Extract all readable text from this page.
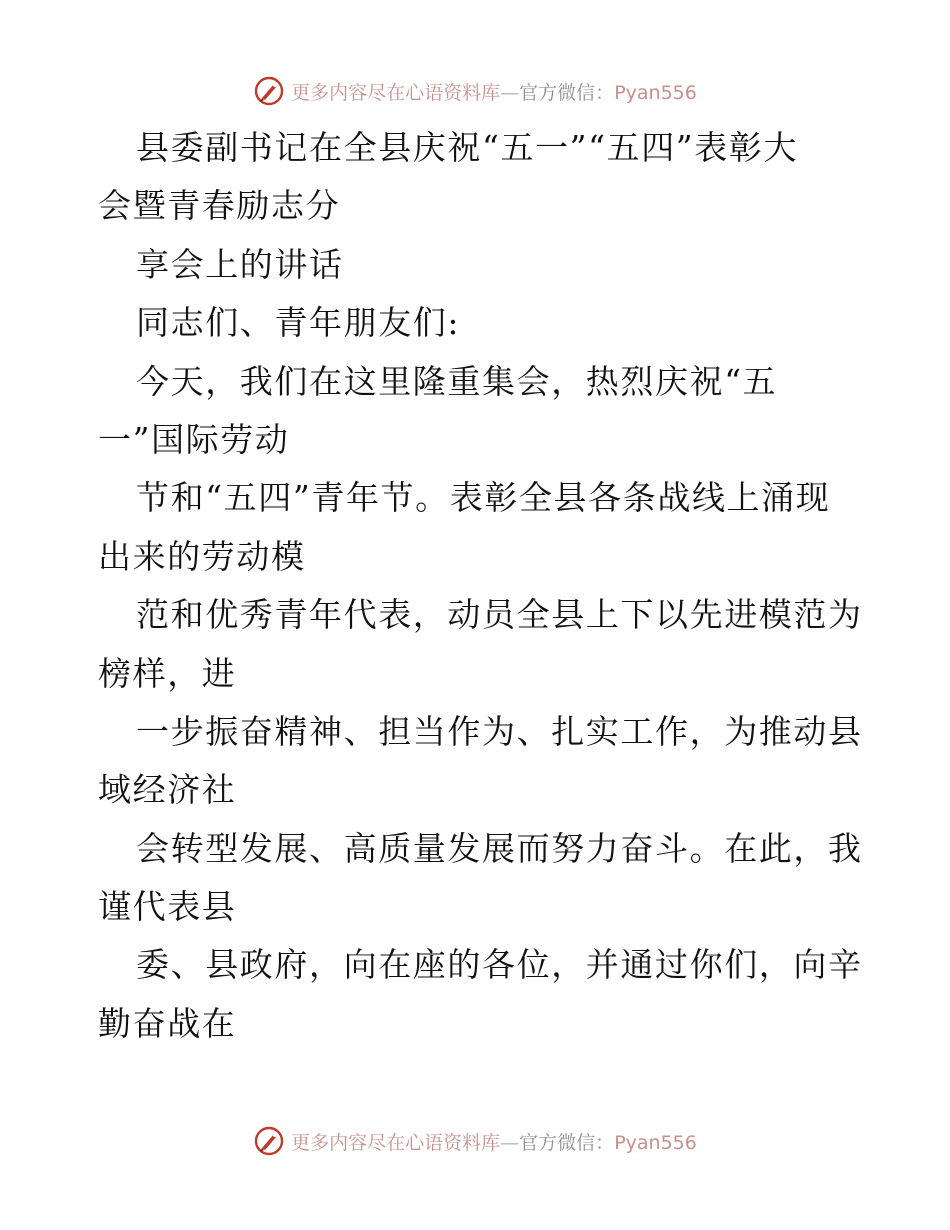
更多内容尽在心语资料库—官方微信：Pyan556
县委副书记在全县庆祝“五一”“五四”表彰大
会暨青春励志分
享会上的讲话
同志们、青年朋友们:
今天，我们在这里隆重集会，热烈庆祝“五
一”国际劳动
节和“五四”青年节。表彰全县各条战线上涌现
出来的劳动模
范和优秀青年代表，动员全县上下以先进模范为
榜样，进
一步振奋精神、担当作为、扎实工作，为推动县
域经济社
会转型发展、高质量发展而努力奋斗。在此，我
谨代表县
委、县政府，向在座的各位，并通过你们，向辛
勤奋战在
更多内容尽在心语资料库—官方微信：Pyan556
